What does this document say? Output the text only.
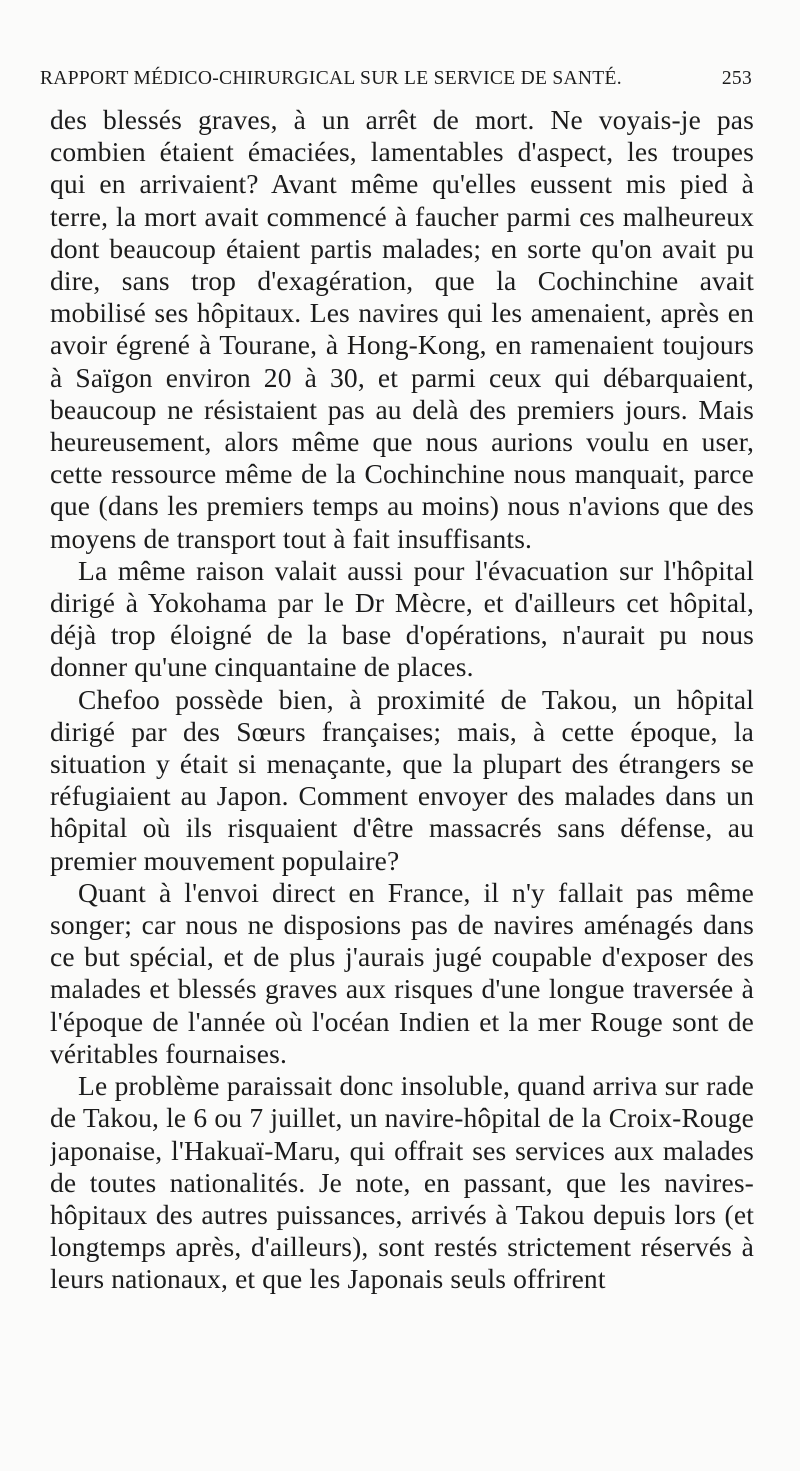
RAPPORT MÉDICO-CHIRURGICAL SUR LE SERVICE DE SANTÉ.	253

des blessés graves, à un arrêt de mort. Ne voyais-je pas combien étaient émaciées, lamentables d'aspect, les troupes qui en arrivaient? Avant même qu'elles eussent mis pied à terre, la mort avait commencé à faucher parmi ces malheureux dont beaucoup étaient partis malades; en sorte qu'on avait pu dire, sans trop d'exagération, que la Cochinchine avait mobilisé ses hôpitaux. Les navires qui les amenaient, après en avoir égrené à Tourane, à Hong-Kong, en ramenaient toujours à Saïgon environ 20 à 30, et parmi ceux qui débarquaient, beaucoup ne résistaient pas au delà des premiers jours. Mais heureusement, alors même que nous aurions voulu en user, cette ressource même de la Cochinchine nous manquait, parce que (dans les premiers temps au moins) nous n'avions que des moyens de transport tout à fait insuffisants.

La même raison valait aussi pour l'évacuation sur l'hôpital dirigé à Yokohama par le Dr Mècre, et d'ailleurs cet hôpital, déjà trop éloigné de la base d'opérations, n'aurait pu nous donner qu'une cinquantaine de places.

Chefoo possède bien, à proximité de Takou, un hôpital dirigé par des Sœurs françaises; mais, à cette époque, la situation y était si menaçante, que la plupart des étrangers se réfugiaient au Japon. Comment envoyer des malades dans un hôpital où ils risquaient d'être massacrés sans défense, au premier mouvement populaire?

Quant à l'envoi direct en France, il n'y fallait pas même songer; car nous ne disposions pas de navires aménagés dans ce but spécial, et de plus j'aurais jugé coupable d'exposer des malades et blessés graves aux risques d'une longue traversée à l'époque de l'année où l'océan Indien et la mer Rouge sont de véritables fournaises.

Le problème paraissait donc insoluble, quand arriva sur rade de Takou, le 6 ou 7 juillet, un navire-hôpital de la Croix-Rouge japonaise, l'Hakuaï-Maru, qui offrait ses services aux malades de toutes nationalités. Je note, en passant, que les navires-hôpitaux des autres puissances, arrivés à Takou depuis lors (et longtemps après, d'ailleurs), sont restés strictement réservés à leurs nationaux, et que les Japonais seuls offrirent
